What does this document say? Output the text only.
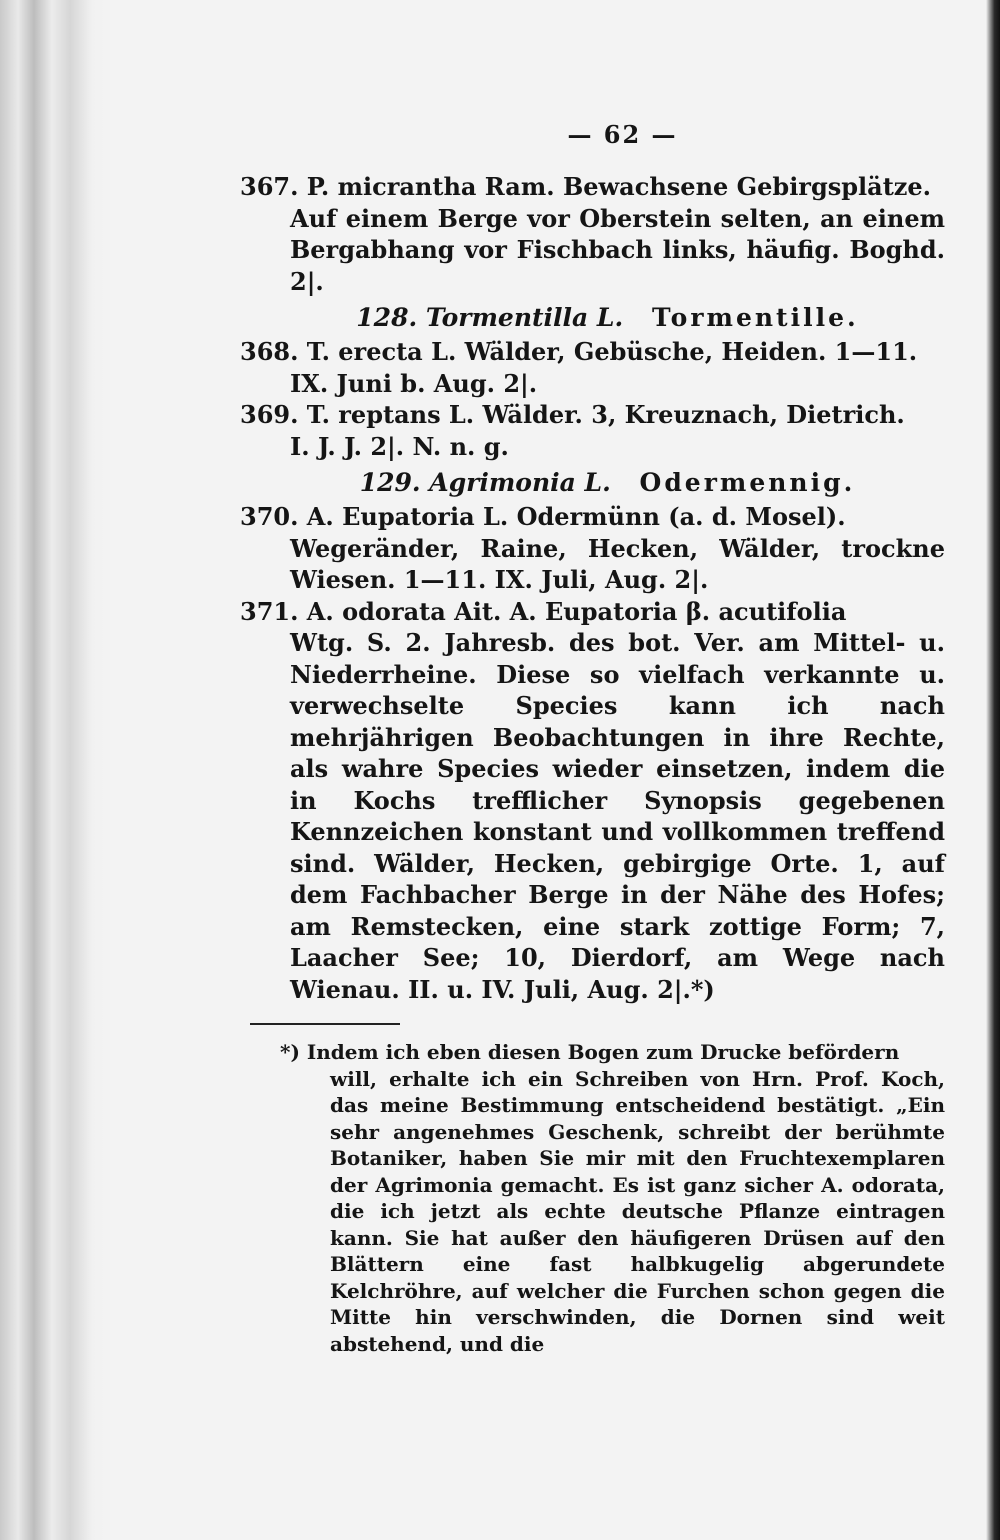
— 62 —
367. P. micrantha Ram. Bewachsene Gebirgsplätze.
Auf einem Berge vor Oberstein selten, an einem Bergabhang vor Fischbach links, häufig. Boghd. 2|.
128. Tormentilla L. Tormentille.
368. T. erecta L. Wälder, Gebüsche, Heiden. 1—11.
IX. Juni b. Aug. 2|.
369. T. reptans L. Wälder. 3, Kreuznach, Dietrich.
I. J. J. 2|. N. n. g.
129. Agrimonia L. Odermennig.
370. A. Eupatoria L. Odermünn (a. d. Mosel).
Wegeränder, Raine, Hecken, Wälder, trockne Wiesen. 1—11. IX. Juli, Aug. 2|.
371. A. odorata Ait. A. Eupatoria β. acutifolia
Wtg. S. 2. Jahresb. des bot. Ver. am Mittel- u. Niederrheine. Diese so vielfach verkannte u. verwechselte Species kann ich nach mehrjährigen Beobachtungen in ihre Rechte, als wahre Species wieder einsetzen, indem die in Kochs trefflicher Synopsis gegebenen Kennzeichen konstant und vollkommen treffend sind. Wälder, Hecken, gebirgige Orte. 1, auf dem Fachbacher Berge in der Nähe des Hofes; am Remstecken, eine stark zottige Form; 7, Laacher See; 10, Dierdorf, am Wege nach Wienau. II. u. IV. Juli, Aug. 2|.*)
*) Indem ich eben diesen Bogen zum Drucke befördern
will, erhalte ich ein Schreiben von Hrn. Prof. Koch, das meine Bestimmung entscheidend bestätigt. „Ein sehr angenehmes Geschenk, schreibt der berühmte Botaniker, haben Sie mir mit den Fruchtexemplaren der Agrimonia gemacht. Es ist ganz sicher A. odorata, die ich jetzt als echte deutsche Pflanze eintragen kann. Sie hat außer den häufigeren Drüsen auf den Blättern eine fast halbkugelig abgerundete Kelchröhre, auf welcher die Furchen schon gegen die Mitte hin verschwinden, die Dornen sind weit abstehend, und die
